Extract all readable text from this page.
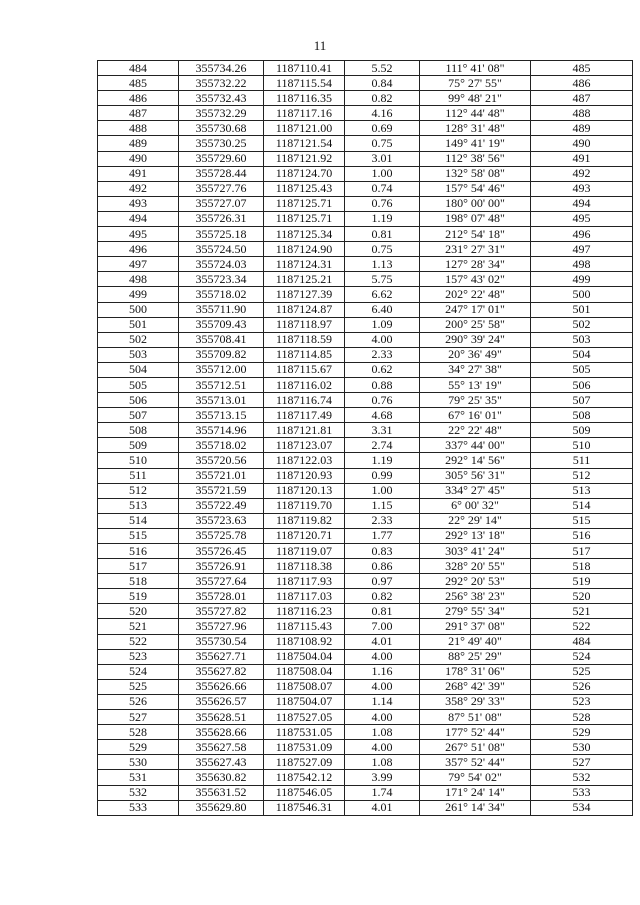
11
484	355734.26	1187110.41	5.52	111° 41' 08"	485
485	355732.22	1187115.54	0.84	75° 27' 55"	486
486	355732.43	1187116.35	0.82	99° 48' 21"	487
487	355732.29	1187117.16	4.16	112° 44' 48"	488
488	355730.68	1187121.00	0.69	128° 31' 48"	489
489	355730.25	1187121.54	0.75	149° 41' 19"	490
490	355729.60	1187121.92	3.01	112° 38' 56"	491
491	355728.44	1187124.70	1.00	132° 58' 08"	492
492	355727.76	1187125.43	0.74	157° 54' 46"	493
493	355727.07	1187125.71	0.76	180° 00' 00"	494
494	355726.31	1187125.71	1.19	198° 07' 48"	495
495	355725.18	1187125.34	0.81	212° 54' 18"	496
496	355724.50	1187124.90	0.75	231° 27' 31"	497
497	355724.03	1187124.31	1.13	127° 28' 34"	498
498	355723.34	1187125.21	5.75	157° 43' 02"	499
499	355718.02	1187127.39	6.62	202° 22' 48"	500
500	355711.90	1187124.87	6.40	247° 17' 01"	501
501	355709.43	1187118.97	1.09	200° 25' 58"	502
502	355708.41	1187118.59	4.00	290° 39' 24"	503
503	355709.82	1187114.85	2.33	20° 36' 49"	504
504	355712.00	1187115.67	0.62	34° 27' 38"	505
505	355712.51	1187116.02	0.88	55° 13' 19"	506
506	355713.01	1187116.74	0.76	79° 25' 35"	507
507	355713.15	1187117.49	4.68	67° 16' 01"	508
508	355714.96	1187121.81	3.31	22° 22' 48"	509
509	355718.02	1187123.07	2.74	337° 44' 00"	510
510	355720.56	1187122.03	1.19	292° 14' 56"	511
511	355721.01	1187120.93	0.99	305° 56' 31"	512
512	355721.59	1187120.13	1.00	334° 27' 45"	513
513	355722.49	1187119.70	1.15	6° 00' 32"	514
514	355723.63	1187119.82	2.33	22° 29' 14"	515
515	355725.78	1187120.71	1.77	292° 13' 18"	516
516	355726.45	1187119.07	0.83	303° 41' 24"	517
517	355726.91	1187118.38	0.86	328° 20' 55"	518
518	355727.64	1187117.93	0.97	292° 20' 53"	519
519	355728.01	1187117.03	0.82	256° 38' 23"	520
520	355727.82	1187116.23	0.81	279° 55' 34"	521
521	355727.96	1187115.43	7.00	291° 37' 08"	522
522	355730.54	1187108.92	4.01	21° 49' 40"	484
523	355627.71	1187504.04	4.00	88° 25' 29"	524
524	355627.82	1187508.04	1.16	178° 31' 06"	525
525	355626.66	1187508.07	4.00	268° 42' 39"	526
526	355626.57	1187504.07	1.14	358° 29' 33"	523
527	355628.51	1187527.05	4.00	87° 51' 08"	528
528	355628.66	1187531.05	1.08	177° 52' 44"	529
529	355627.58	1187531.09	4.00	267° 51' 08"	530
530	355627.43	1187527.09	1.08	357° 52' 44"	527
531	355630.82	1187542.12	3.99	79° 54' 02"	532
532	355631.52	1187546.05	1.74	171° 24' 14"	533
533	355629.80	1187546.31	4.01	261° 14' 34"	534
